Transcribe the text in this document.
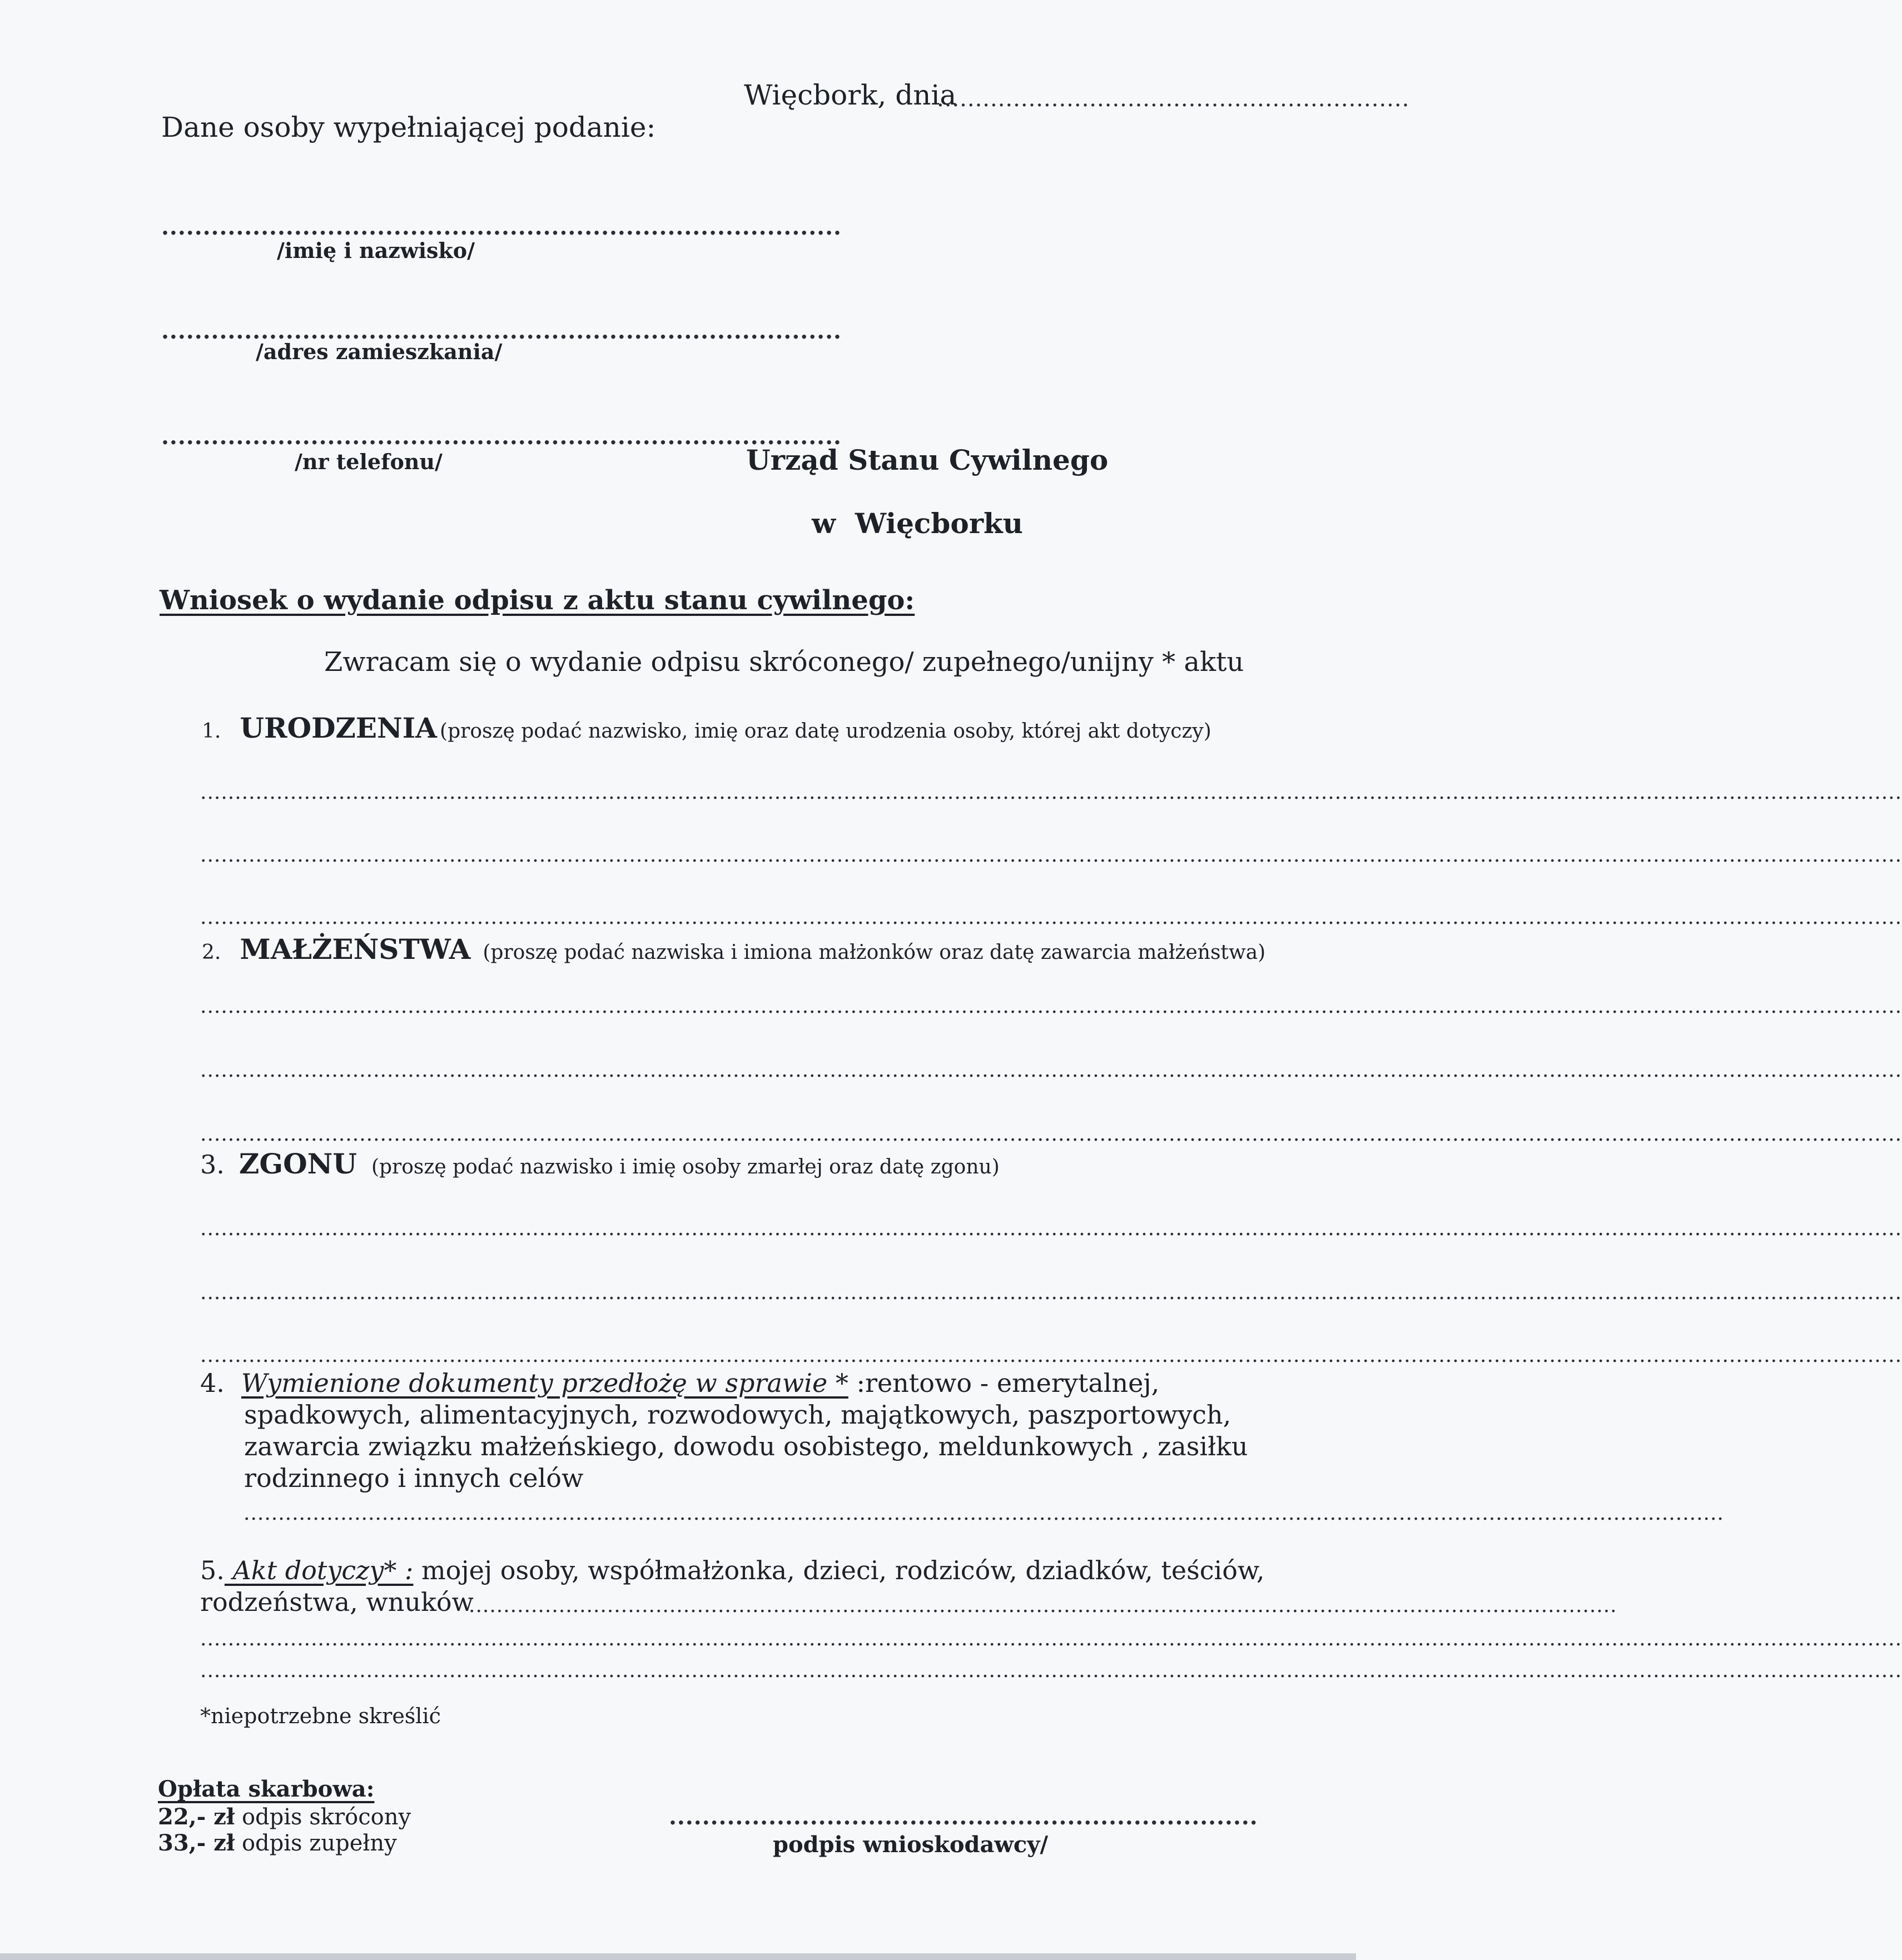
Więcbork, dnia
..............................................................
Dane osoby wypełniającej podanie:
..................................................................................
/imię i nazwisko/
..................................................................................
/adres zamieszkania/
..................................................................................
/nr telefonu/	Urząd Stanu Cywilnego
w  Więcborku
Wniosek o wydanie odpisu z aktu stanu cywilnego:
Zwracam się o wydanie odpisu skróconego/ zupełnego/unijny * aktu
1. URODZENIA (proszę podać nazwisko, imię oraz datę urodzenia osoby, której akt dotyczy)
......................................................................................................................................................................................................................................................
......................................................................................................................................................................................................................................................
......................................................................................................................................................................................................................................................
2. MAŁŻEŃSTWA (proszę podać nazwiska i imiona małżonków oraz datę zawarcia małżeństwa)
......................................................................................................................................................................................................................................................
......................................................................................................................................................................................................................................................
......................................................................................................................................................................................................................................................
3. ZGONU (proszę podać nazwisko i imię osoby zmarłej oraz datę zgonu)
......................................................................................................................................................................................................................................................
......................................................................................................................................................................................................................................................
......................................................................................................................................................................................................................................................
4. Wymienione dokumenty przedłożę w sprawie * :rentowo - emerytalnej,
spadkowych, alimentacyjnych, rozwodowych, majątkowych, paszportowych,
zawarcia związku małżeńskiego, dowodu osobistego, meldunkowych , zasiłku
rodzinnego i innych celów
......................................................................................................................................................................................................................
5. Akt dotyczy* : mojej osoby, współmałżonka, dzieci, rodziców, dziadków, teściów,
rodzeństwa, wnuków
......................................................................................................................................................................
......................................................................................................................................................................................................................................................
......................................................................................................................................................................................................................................................
*niepotrzebne skreślić
Opłata skarbowa:
22,- zł odpis skrócony
33,- zł odpis zupełny
.......................................................................
podpis wnioskodawcy/
